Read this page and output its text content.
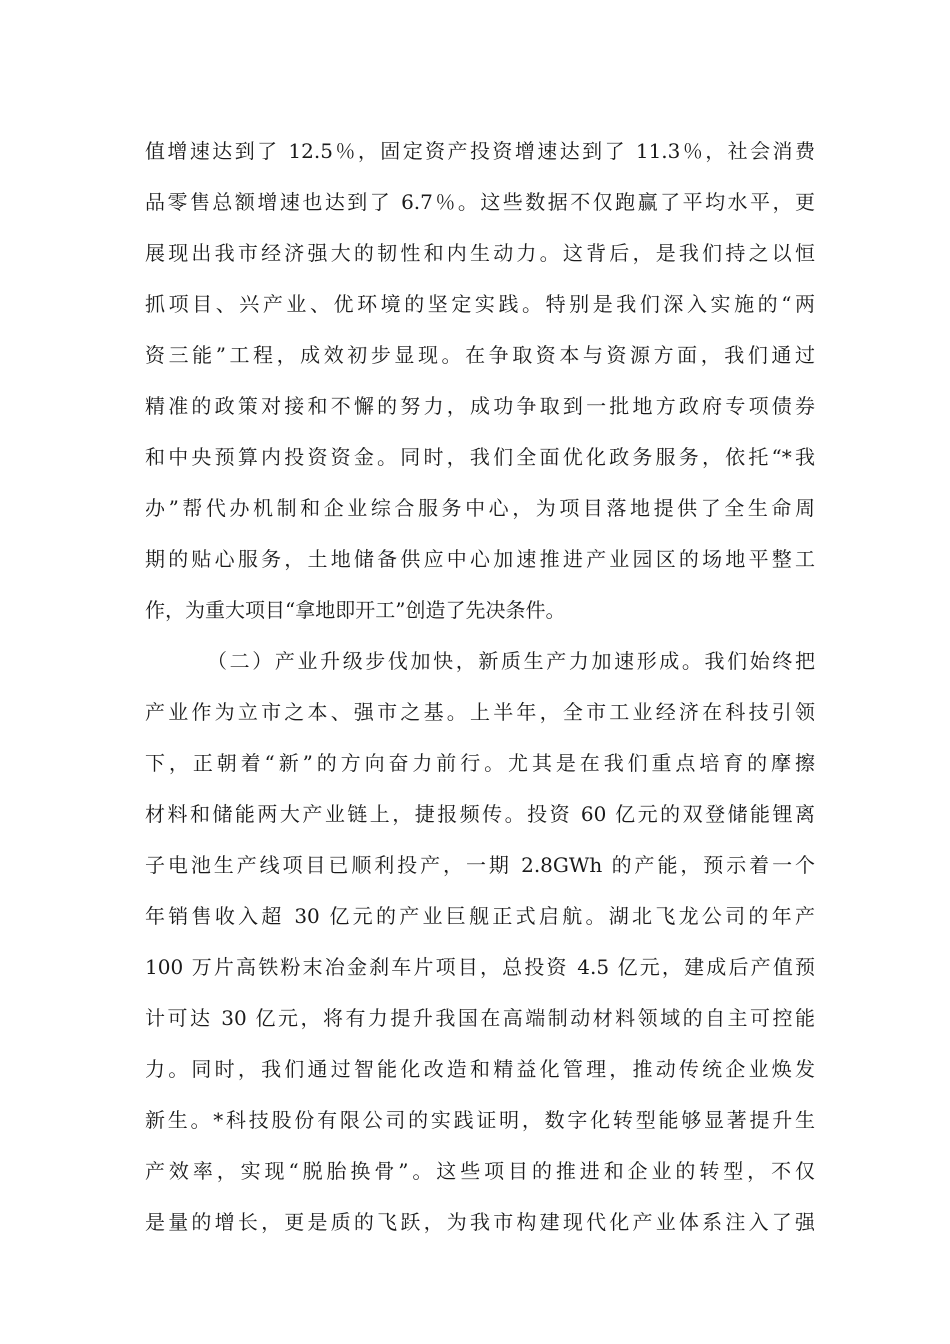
值增速达到了 12.5％，固定资产投资增速达到了 11.3％，社会消费
品零售总额增速也达到了 6.7％。这些数据不仅跑赢了平均水平，更
展现出我市经济强大的韧性和内生动力。这背后，是我们持之以恒
抓项目、兴产业、优环境的坚定实践。特别是我们深入实施的“两
资三能”工程，成效初步显现。在争取资本与资源方面，我们通过
精准的政策对接和不懈的努力，成功争取到一批地方政府专项债券
和中央预算内投资资金。同时，我们全面优化政务服务，依托“*我
办”帮代办机制和企业综合服务中心，为项目落地提供了全生命周
期的贴心服务，土地储备供应中心加速推进产业园区的场地平整工
作，为重大项目“拿地即开工”创造了先决条件。
（二）产业升级步伐加快，新质生产力加速形成。我们始终把
产业作为立市之本、强市之基。上半年，全市工业经济在科技引领
下，正朝着“新”的方向奋力前行。尤其是在我们重点培育的摩擦
材料和储能两大产业链上，捷报频传。投资 60 亿元的双登储能锂离
子电池生产线项目已顺利投产，一期 2.8GWh 的产能，预示着一个
年销售收入超 30 亿元的产业巨舰正式启航。湖北飞龙公司的年产
100 万片高铁粉末冶金刹车片项目，总投资 4.5 亿元，建成后产值预
计可达 30 亿元，将有力提升我国在高端制动材料领域的自主可控能
力。同时，我们通过智能化改造和精益化管理，推动传统企业焕发
新生。*科技股份有限公司的实践证明，数字化转型能够显著提升生
产效率，实现“脱胎换骨”。这些项目的推进和企业的转型，不仅
是量的增长，更是质的飞跃，为我市构建现代化产业体系注入了强
